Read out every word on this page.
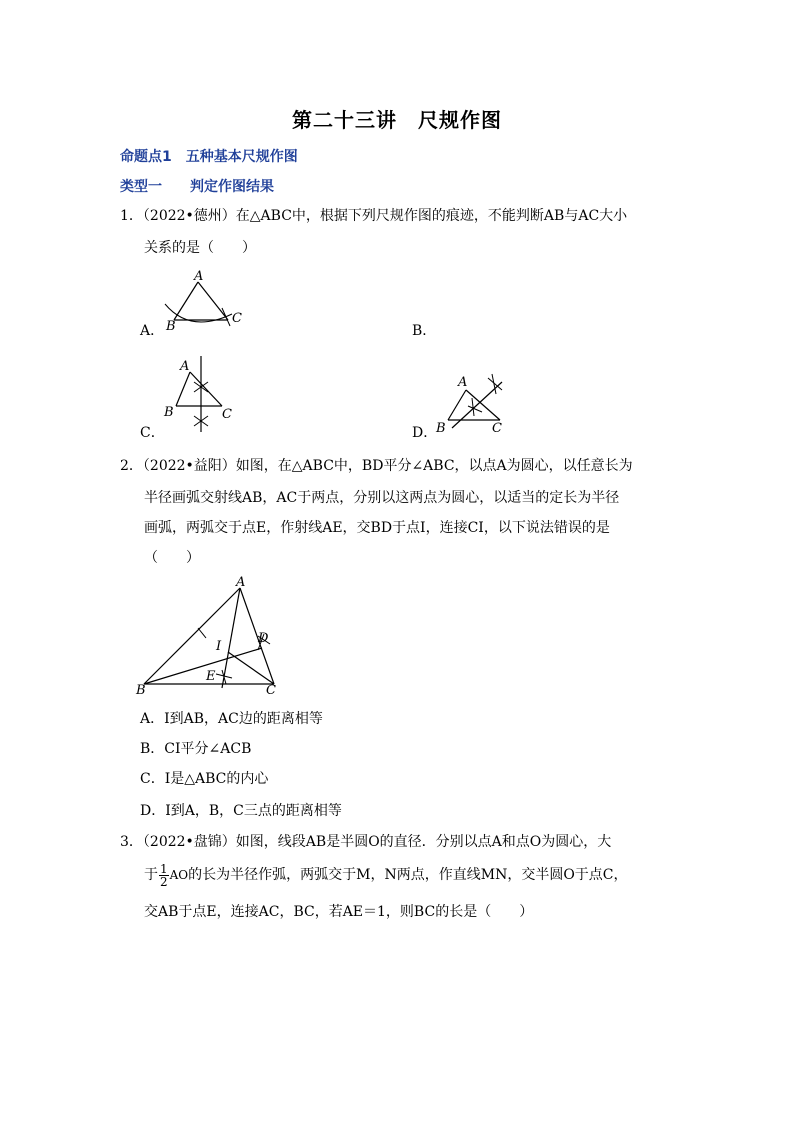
第二十三讲　尺规作图
命题点1　五种基本尺规作图
类型一　　判定作图结果
1．（2022•德州）在△ABC中，根据下列尺规作图的痕迹，不能判断AB与AC大小
关系的是（　　）
A．
A
B
C
B．
C．
A
B	C
D．
A
B	C
2．（2022•益阳）如图，在△ABC中，BD平分∠ABC，以点A为圆心，以任意长为
半径画弧交射线AB，AC于两点，分别以这两点为圆心，以适当的定长为半径
画弧，两弧交于点E，作射线AE，交BD于点I，连接CI，以下说法错误的是
（　　）
A
B	C
D
I
E
A．I到AB，AC边的距离相等
B．CI平分∠ACB
C．I是△ABC的内心
D．I到A，B，C三点的距离相等
3．（2022•盘锦）如图，线段AB是半圆O的直径．分别以点A和点O为圆心，大
于 $\frac{1}{2}$ AO的长为半径作弧，两弧交于M，N两点，作直线MN，交半圆O于点C，
交AB于点E，连接AC，BC，若AE＝1，则BC的长是（　　）
